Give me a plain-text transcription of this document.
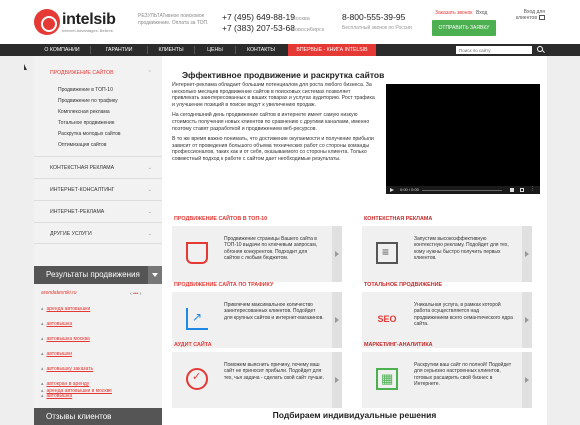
intelsib
Internet Advantages. Believe.
РЕЗУЛЬТАТивное поисковое продвижение. Оплата за ТОП.
+7 (495) 649-88-19
+7 (383) 207-53-68
Москва
Новосибирск
8-800-555-39-95
Бесплатный звонок по России
Заказать звонок Вход	Вход для клиентов
ОТПРАВИТЬ ЗАЯВКУ
О КОМПАНИИ	ГАРАНТИИ	КЛИЕНТЫ	ЦЕНЫ	КОНТАКТЫ	ВПЕРВЫЕ - КНИГА INTELSIB
Поиск по сайту
ПРОДВИЖЕНИЕ САЙТОВ	⌃
Продвижение в ТОП-10
Продвижение по трафику
Комплексная реклама
Тотальное продвижение
Раскрутка молодых сайтов
Оптимизация сайтов
КОНТЕКСТНАЯ РЕКЛАМА	⌄
ИНТЕРНЕТ-КОНСАЛТИНГ	⌄
ИНТЕРНЕТ-РЕКЛАМА	⌄
ДРУГИЕ УСЛУГИ	⌄
Результаты продвижения
arendatexniki.ru	‹ ••• ›
▲ аренда автовышки
▲ автовышка
▲ автовышка москва
▲ автовышки
▲ автовышку заказать
▲ автокран в аренду
▲ автовышка
▲ аренда автовышки в москве
Отзывы клиентов
Эффективное продвижение и раскрутка сайтов

Интернет-реклама обладает большим потенциалом для роста любого бизнеса. За несколько месяцев продвижение сайтов в поисковых системах позволяет привлекать заинтересованных в ваших товарах и услугах аудиторию. Рост трафика и улучшение позиций в поиске ведут к увеличению продаж.

На сегодняшний день продвижение сайтов в интернете имеет самую низкую стоимость получения новых клиентов по сравнению с другими каналами, именно поэтому ставят разработкой и продвижением веб-ресурсов.

В то же время важно понимать, что достижение окупаемости и получение прибыли зависит от проведения большого объема технических работ со стороны команды профессионалов, таких как и от себя, оказываемого со стороны клиента. Только совместный подход к работе с сайтом дает необходимые результаты.

0:00 / 0:00	⋮
ПРОДВИЖЕНИЕ САЙТОВ В ТОП-10
Продвижение страницы Вашего сайта в ТОП-10 выдачи по ключевым запросам, обгоняя конкурентов. Подходит для сайтов с любым бюджетом.
КОНТЕКСТНАЯ РЕКЛАМА
≡
Запустим высокоэффективную контекстную рекламу. Подойдет для тех, кому нужны быстро получить первых клиентов.
ПРОДВИЖЕНИЕ САЙТА ПО ТРАФИКУ
↗
Привлечем максимальное количество заинтересованных клиентов. Подойдет для крупных сайтов и интернет-магазинов.
ТОТАЛЬНОЕ ПРОДВИЖЕНИЕ
SEO
Уникальная услуга, в рамках которой работа осуществляется над продвижением всего семантического ядра сайта.
АУДИТ САЙТА
✓
Поможем выяснить причину, почему ваш сайт не приносит прибыли. Подойдет для тех, чья задача - сделать свой сайт лучше.
МАРКЕТИНГ-АНАЛИТИКА
▦
Раскрутим ваш сайт по полной! Подойдет для серьезно настроенных клиентов, готовых расширить свой бизнес в Интернете.
Подбираем индивидуальные решения
